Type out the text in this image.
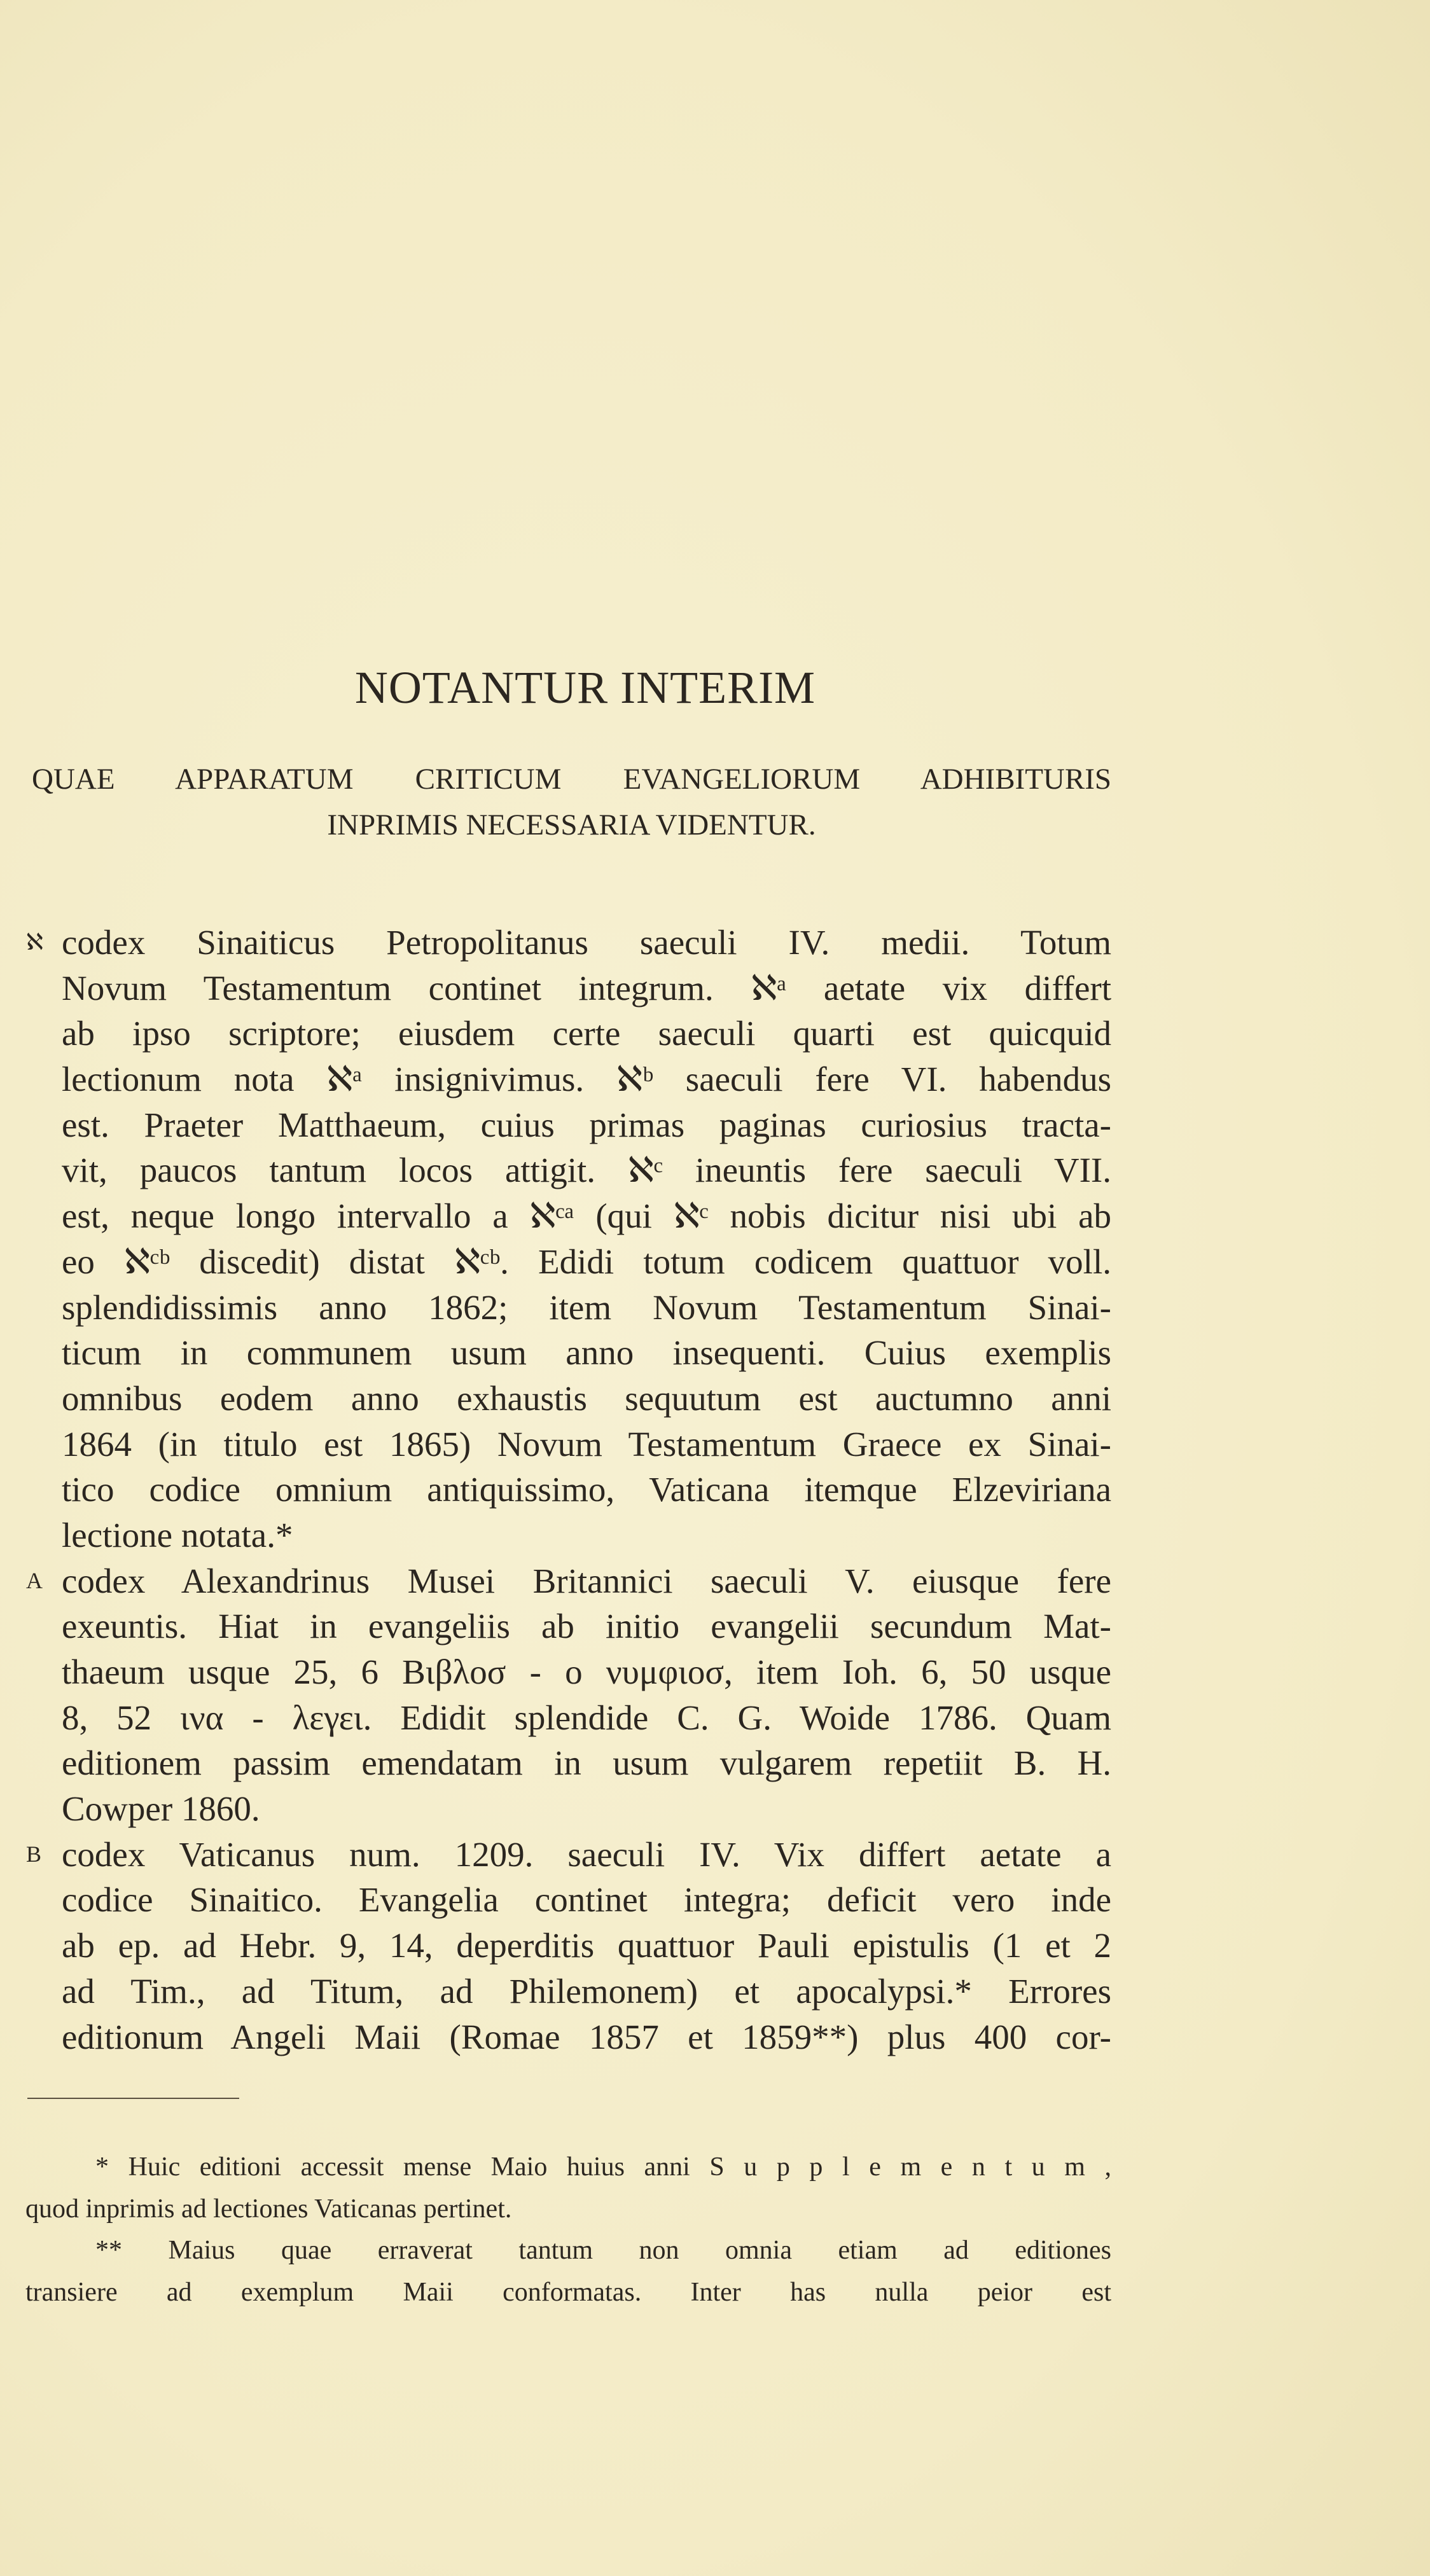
NOTANTUR INTERIM
QUAE APPARATUM CRITICUM EVANGELIORUM ADHIBITURIS
INPRIMIS NECESSARIA VIDENTUR.
ℵ codex Sinaiticus Petropolitanus saeculi IV. medii. Totum
Novum Testamentum continet integrum. ℵᵃ aetate vix differt
ab ipso scriptore; eiusdem certe saeculi quarti est quicquid
lectionum nota ℵᵃ insignivimus. ℵᵇ saeculi fere VI. habendus
est. Praeter Matthaeum, cuius primas paginas curiosius tracta-
vit, paucos tantum locos attigit. ℵᶜ ineuntis fere saeculi VII.
est, neque longo intervallo a ℵᶜᵃ (qui ℵᶜ nobis dicitur nisi ubi ab
eo ℵᶜᵇ discedit) distat ℵᶜᵇ. Edidi totum codicem quattuor voll.
splendidissimis anno 1862; item Novum Testamentum Sinai-
ticum in communem usum anno insequenti. Cuius exemplis
omnibus eodem anno exhaustis sequutum est auctumno anni
1864 (in titulo est 1865) Novum Testamentum Graece ex Sinai-
tico codice omnium antiquissimo, Vaticana itemque Elzeviriana
lectione notata.*
A codex Alexandrinus Musei Britannici saeculi V. eiusque fere
exeuntis. Hiat in evangeliis ab initio evangelii secundum Mat-
thaeum usque 25, 6 Βιβλοσ - ο νυμφιοσ, item Ioh. 6, 50 usque
8, 52 ινα - λεγει. Edidit splendide C. G. Woide 1786. Quam
editionem passim emendatam in usum vulgarem repetiit B. H.
Cowper 1860.
B codex Vaticanus num. 1209. saeculi IV. Vix differt aetate a
codice Sinaitico. Evangelia continet integra; deficit vero inde
ab ep. ad Hebr. 9, 14, deperditis quattuor Pauli epistulis (1 et 2
ad Tim., ad Titum, ad Philemonem) et apocalypsi.* Errores
editionum Angeli Maii (Romae 1857 et 1859**) plus 400 cor-
* Huic editioni accessit mense Maio huius anni S u p p l e m e n t u m ,
quod inprimis ad lectiones Vaticanas pertinet.
** Maius quae erraverat tantum non omnia etiam ad editiones
transiere ad exemplum Maii conformatas. Inter has nulla peior est
